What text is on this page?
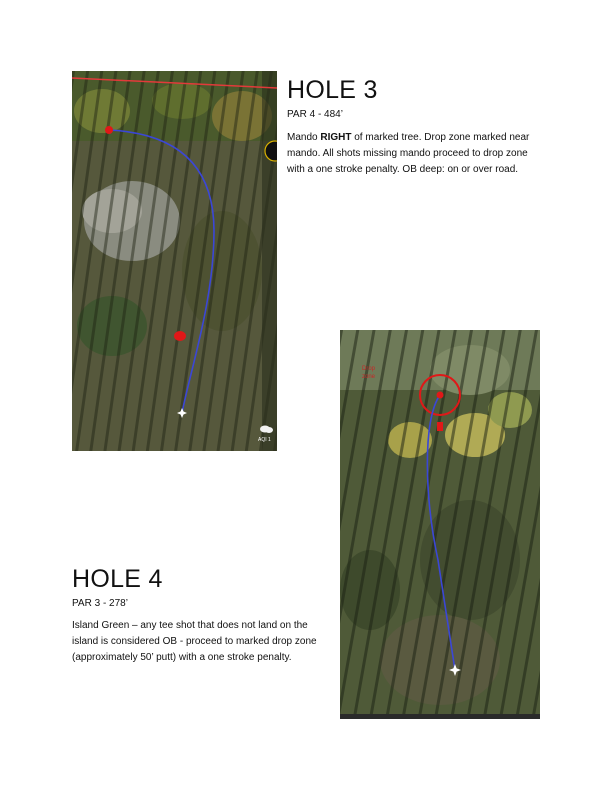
AQI 1
HOLE 3

PAR 4 - 484’

Mando RIGHT of marked tree. Drop zone marked near mando. All shots missing mando proceed to drop zone with a one stroke penalty. OB deep: on or over road.

Drop
zone
HOLE 4

PAR 3 - 278’

Island Green – any tee shot that does not land on the island is considered OB - proceed to marked drop zone (approximately 50’ putt) with a one stroke penalty.
